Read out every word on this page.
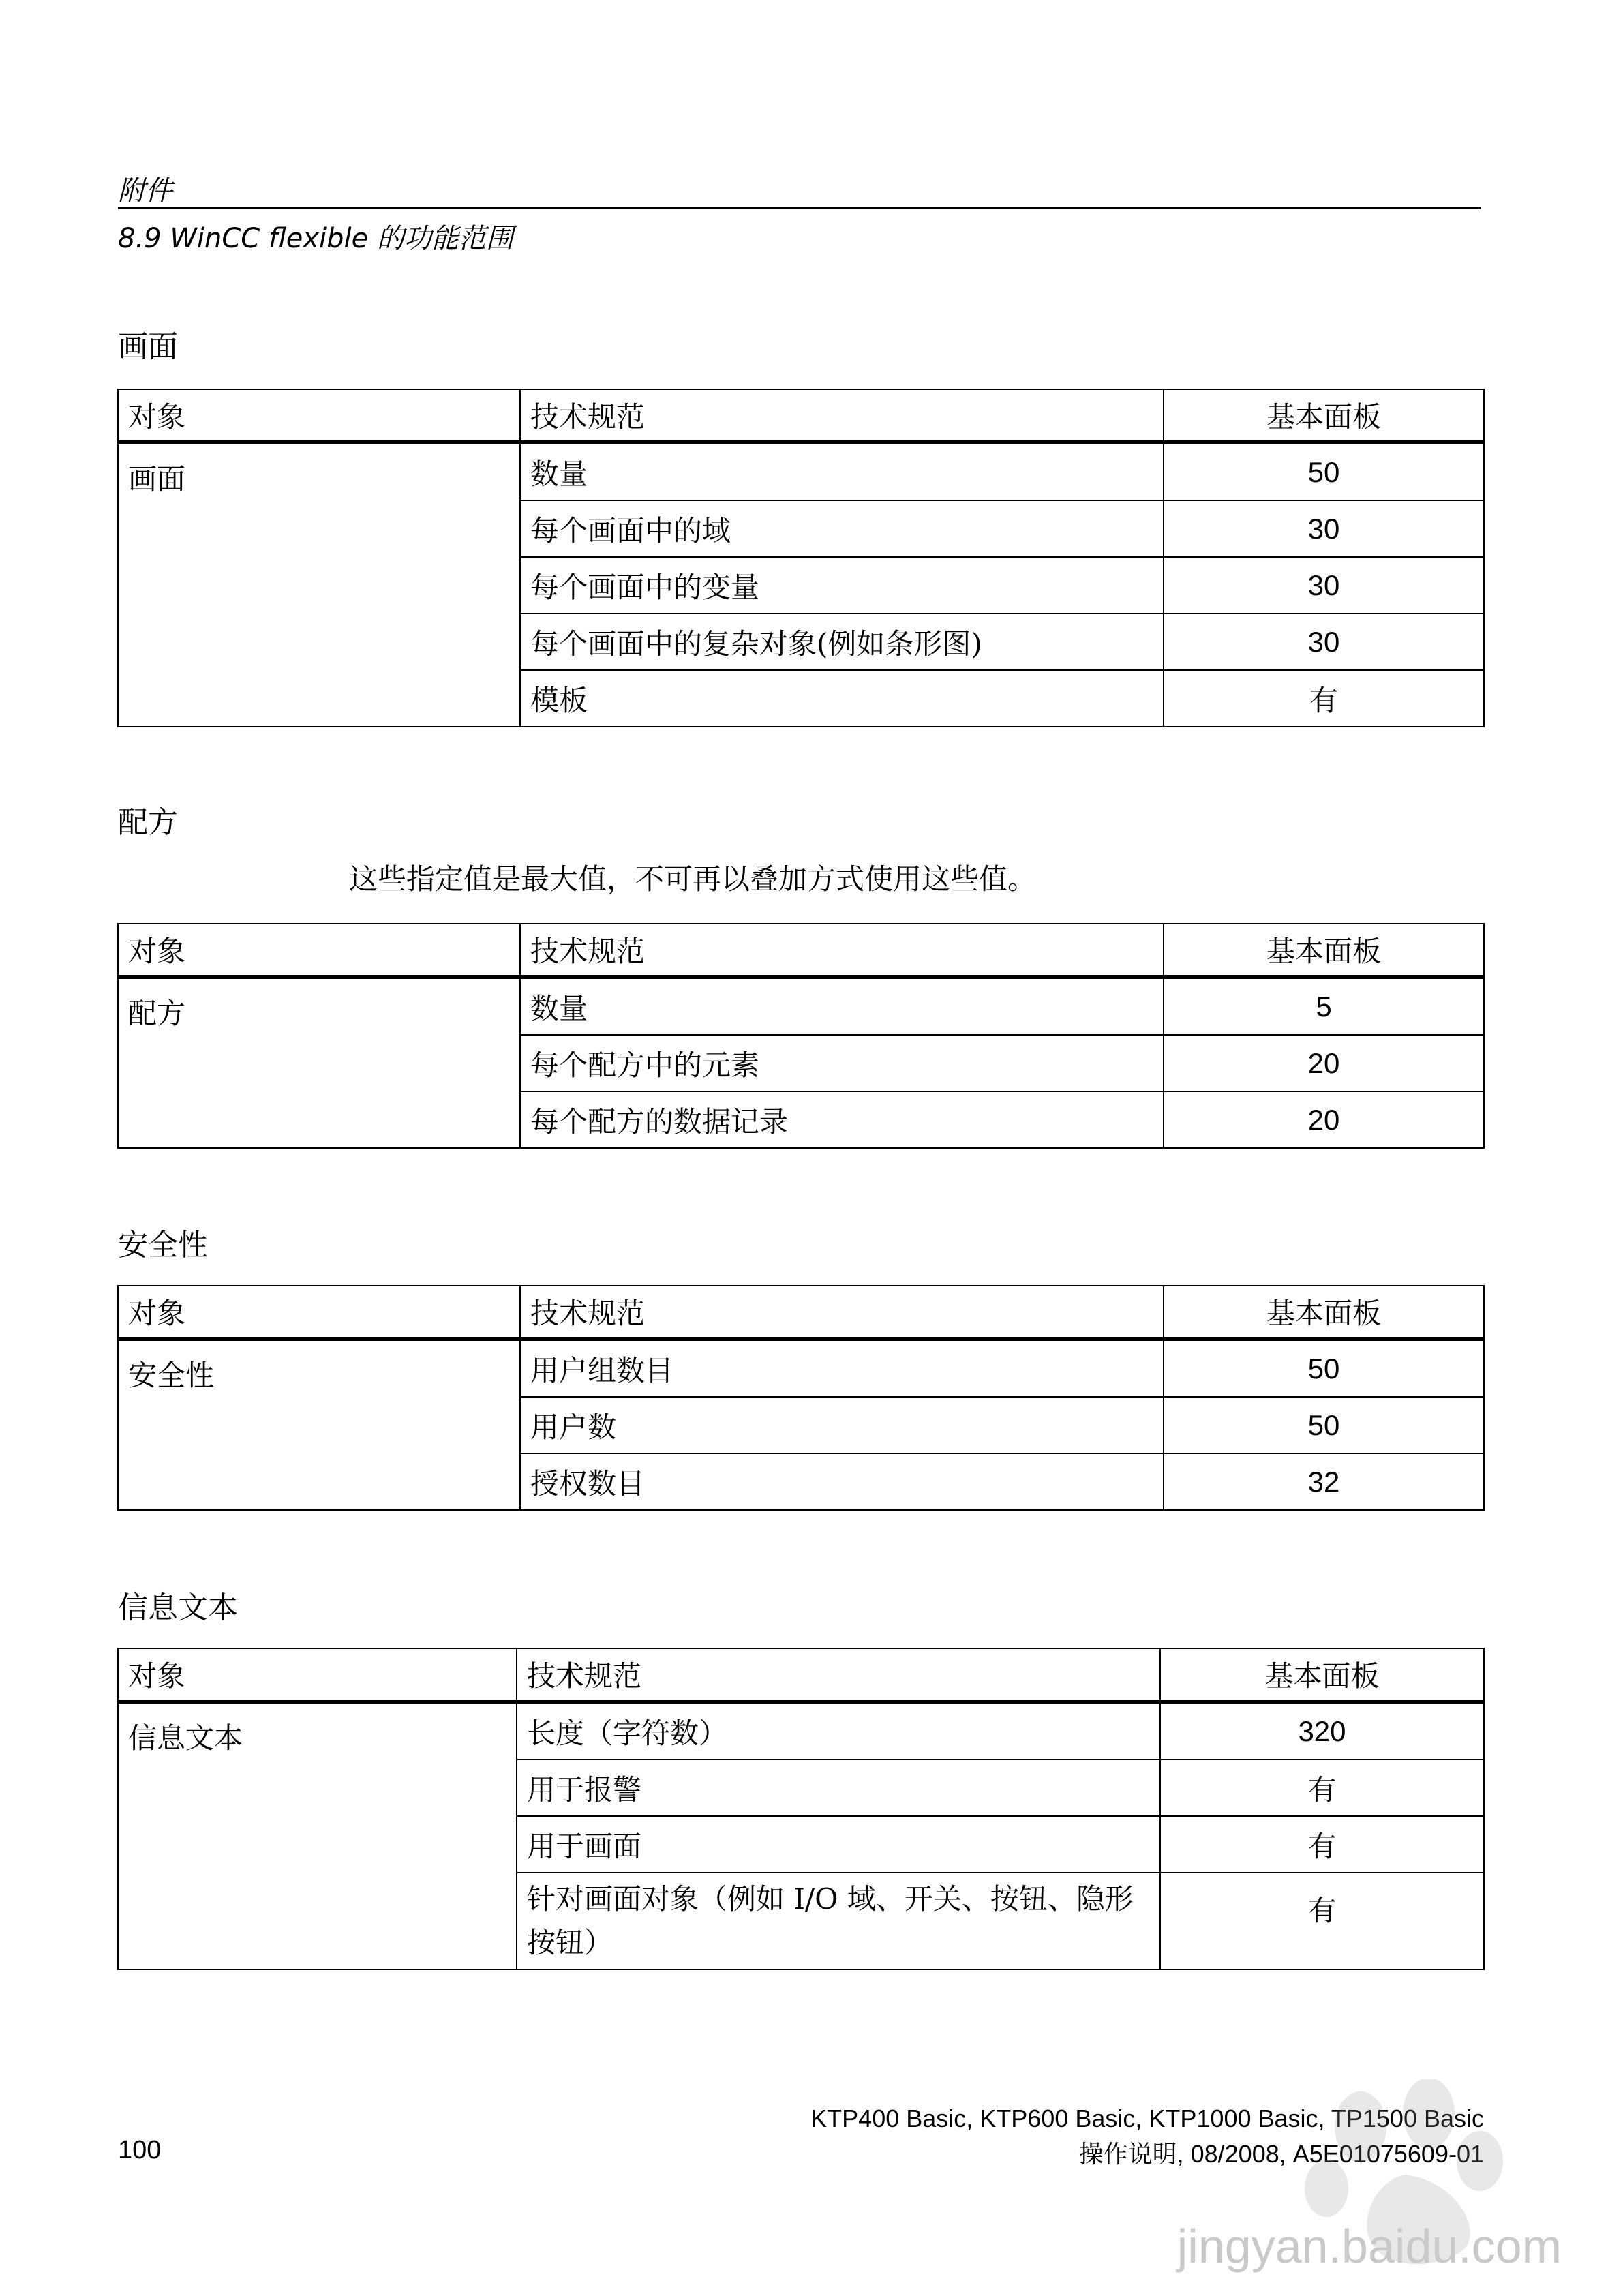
附件
8.9 WinCC flexible 的功能范围
画面
对象	技术规范	基本面板
画面	数量	50
	每个画面中的域	30
	每个画面中的变量	30
	每个画面中的复杂对象(例如条形图)	30
	模板	有
配方
这些指定值是最大值，不可再以叠加方式使用这些值。
对象	技术规范	基本面板
配方	数量	5
	每个配方中的元素	20
	每个配方的数据记录	20
安全性
对象	技术规范	基本面板
安全性	用户组数目	50
	用户数	50
	授权数目	32
信息文本
对象	技术规范	基本面板
信息文本	长度（字符数）	320
	用于报警	有
	用于画面	有
	针对画面对象（例如 I/O 域、开关、按钮、隐形按钮）	有
KTP400 Basic, KTP600 Basic, KTP1000 Basic, TP1500 Basic
操作说明, 08/2008, A5E01075609-01
100
jingyan.baidu.com
